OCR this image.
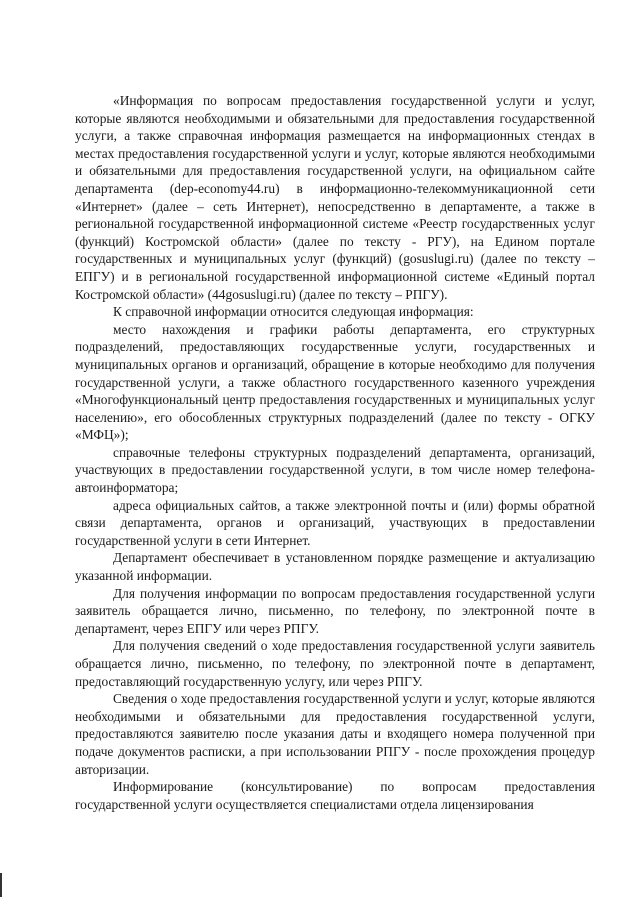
«Информация по вопросам предоставления государственной услуги и услуг, которые являются необходимыми и обязательными для предоставления государственной услуги, а также справочная информация размещается на информационных стендах в местах предоставления государственной услуги и услуг, которые являются необходимыми и обязательными для предоставления государственной услуги, на официальном сайте департамента (dep-economy44.ru) в информационно-телекоммуникационной сети «Интернет» (далее – сеть Интернет), непосредственно в департаменте, а также в региональной государственной информационной системе «Реестр государственных услуг (функций) Костромской области» (далее по тексту - РГУ), на Едином портале государственных и муниципальных услуг (функций) (gosuslugi.ru) (далее по тексту – ЕПГУ) и в региональной государственной информационной системе «Единый портал Костромской области» (44gosuslugi.ru) (далее по тексту – РПГУ).

К справочной информации относится следующая информация:

место нахождения и графики работы департамента, его структурных подразделений, предоставляющих государственные услуги, государственных и муниципальных органов и организаций, обращение в которые необходимо для получения государственной услуги, а также областного государственного казенного учреждения «Многофункциональный центр предоставления государственных и муниципальных услуг населению», его обособленных структурных подразделений (далее по тексту - ОГКУ «МФЦ»);

справочные телефоны структурных подразделений департамента, организаций, участвующих в предоставлении государственной услуги, в том числе номер телефона-автоинформатора;

адреса официальных сайтов, а также электронной почты и (или) формы обратной связи департамента, органов и организаций, участвующих в предоставлении государственной услуги в сети Интернет.

Департамент обеспечивает в установленном порядке размещение и актуализацию указанной информации.

Для получения информации по вопросам предоставления государственной услуги заявитель обращается лично, письменно, по телефону, по электронной почте в департамент, через ЕПГУ или через РПГУ.

Для получения сведений о ходе предоставления государственной услуги заявитель обращается лично, письменно, по телефону, по электронной почте в департамент, предоставляющий государственную услугу, или через РПГУ.

Сведения о ходе предоставления государственной услуги и услуг, которые являются необходимыми и обязательными для предоставления государственной услуги, предоставляются заявителю после указания даты и входящего номера полученной при подаче документов расписки, а при использовании РПГУ - после прохождения процедур авторизации.

Информирование (консультирование) по вопросам предоставления государственной услуги осуществляется специалистами отдела лицензирования
